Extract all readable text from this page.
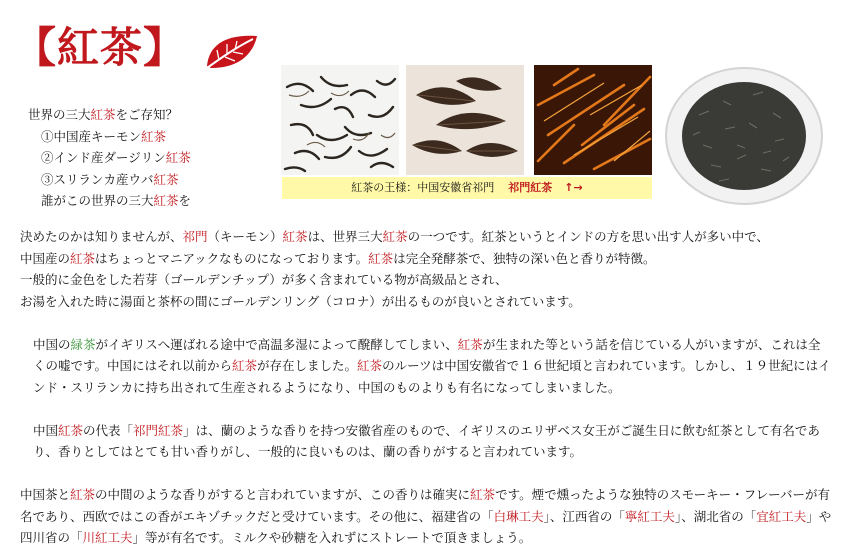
【紅茶】
世界の三大紅茶をご存知？
①中国産キーモン紅茶
②インド産ダージリン紅茶
③スリランカ産ウバ紅茶
誰がこの世界の三大紅茶を
紅茶の王様：中国安徽省祁門 祁門紅茶 ↑→

決めたのかは知りませんが、祁門（キーモン）紅茶は、世界三大紅茶の一つです。紅茶というとインドの方を思い出す人が多い中で、

中国産の紅茶はちょっとマニアックなものになっております。紅茶は完全発酵茶で、独特の深い色と香りが特徴。

一般的に金色をした若芽（ゴールデンチップ）が多く含まれている物が高級品とされ、

お湯を入れた時に湯面と茶杯の間にゴールデンリング（コロナ）が出るものが良いとされています。

中国の緑茶がイギリスへ運ばれる途中で高温多湿によって醗酵してしまい、紅茶が生まれた等という話を信じている人がいますが、これは全くの嘘です。中国にはそれ以前から紅茶が存在しました。紅茶のルーツは中国安徽省で１６世紀頃と言われています。しかし、１９世紀にはインド・スリランカに持ち出されて生産されるようになり、中国のものよりも有名になってしまいました。

中国紅茶の代表「祁門紅茶」は、蘭のような香りを持つ安徽省産のもので、イギリスのエリザベス女王がご誕生日に飲む紅茶として有名であり、香りとしてはとても甘い香りがし、一般的に良いものは、蘭の香りがすると言われています。

中国茶と紅茶の中間のような香りがすると言われていますが、この香りは確実に紅茶です。煙で燻ったような独特のスモーキー・フレーバーが有名であり、西欧ではこの香がエキゾチックだと受けています。その他に、福建省の「白琳工夫」、江西省の「寧紅工夫」、湖北省の「宜紅工夫」や四川省の「川紅工夫」等が有名です。ミルクや砂糖を入れずにストレートで頂きましょう。
